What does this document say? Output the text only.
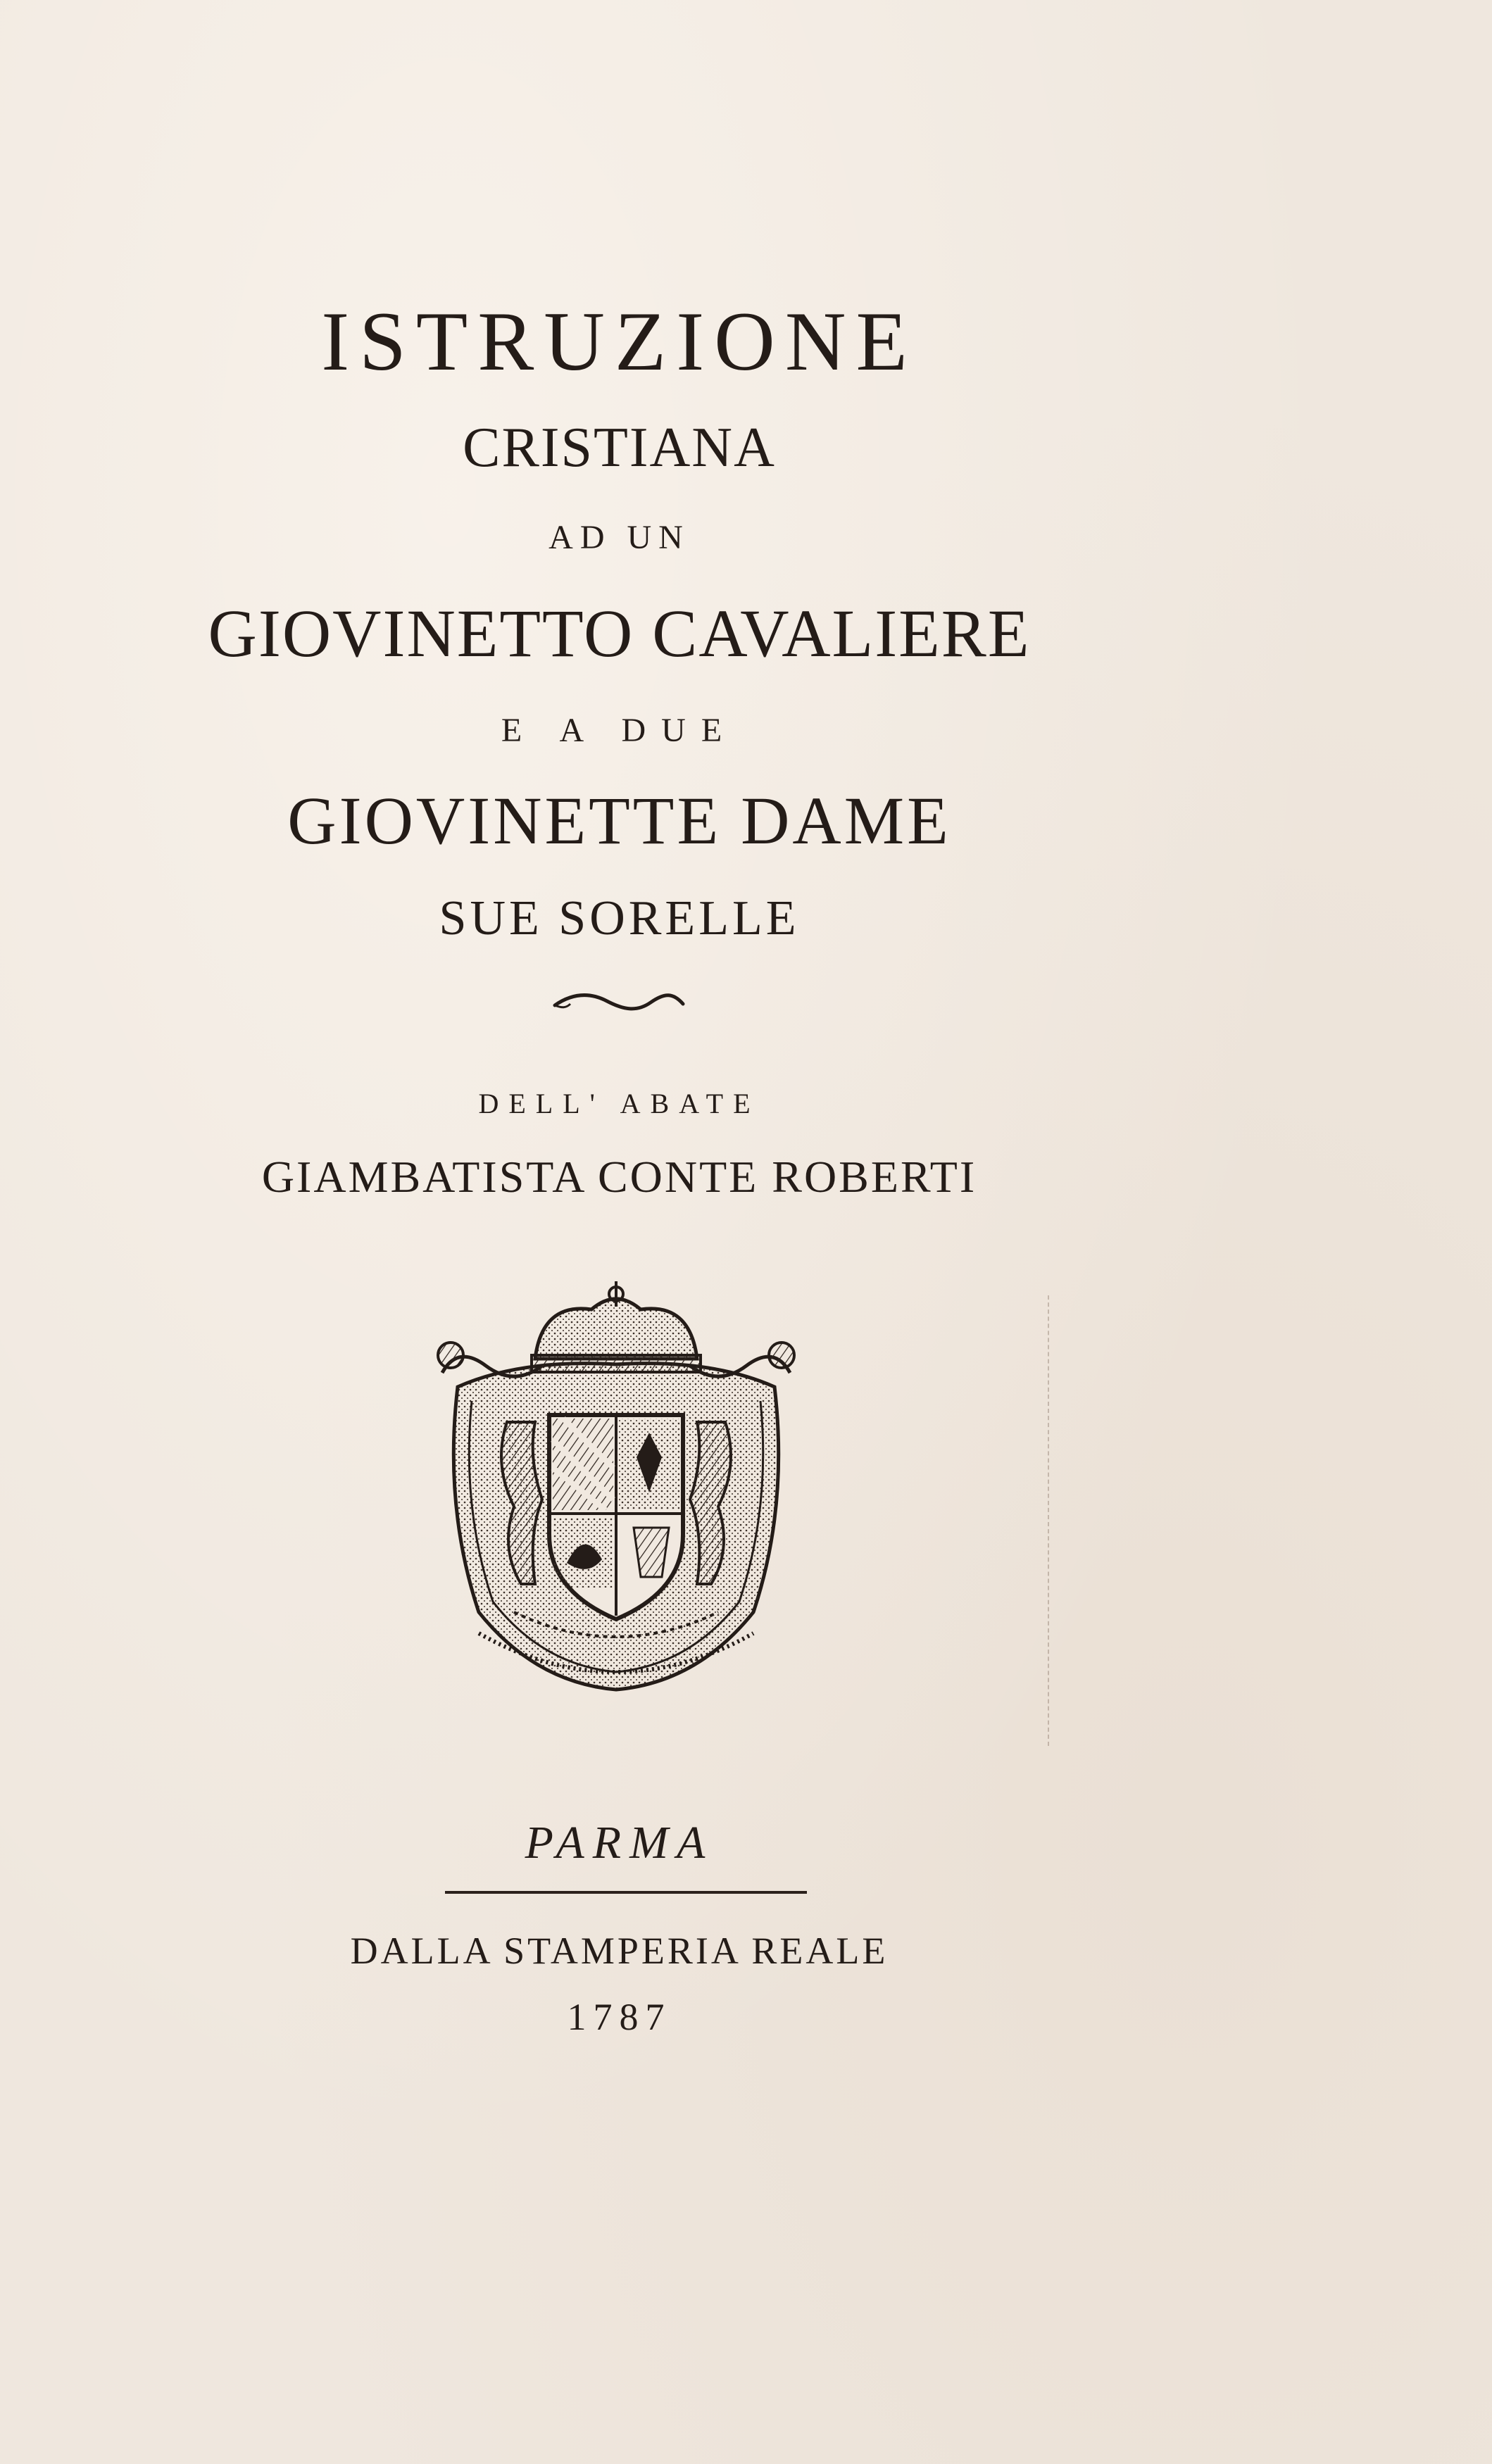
ISTRUZIONE

CRISTIANA

AD UN

GIOVINETTO CAVALIERE

E A DUE

GIOVINETTE DAME

SUE SORELLE

DELL' ABATE

GIAMBATISTA CONTE ROBERTI

PARMA

DALLA STAMPERIA REALE

1787
